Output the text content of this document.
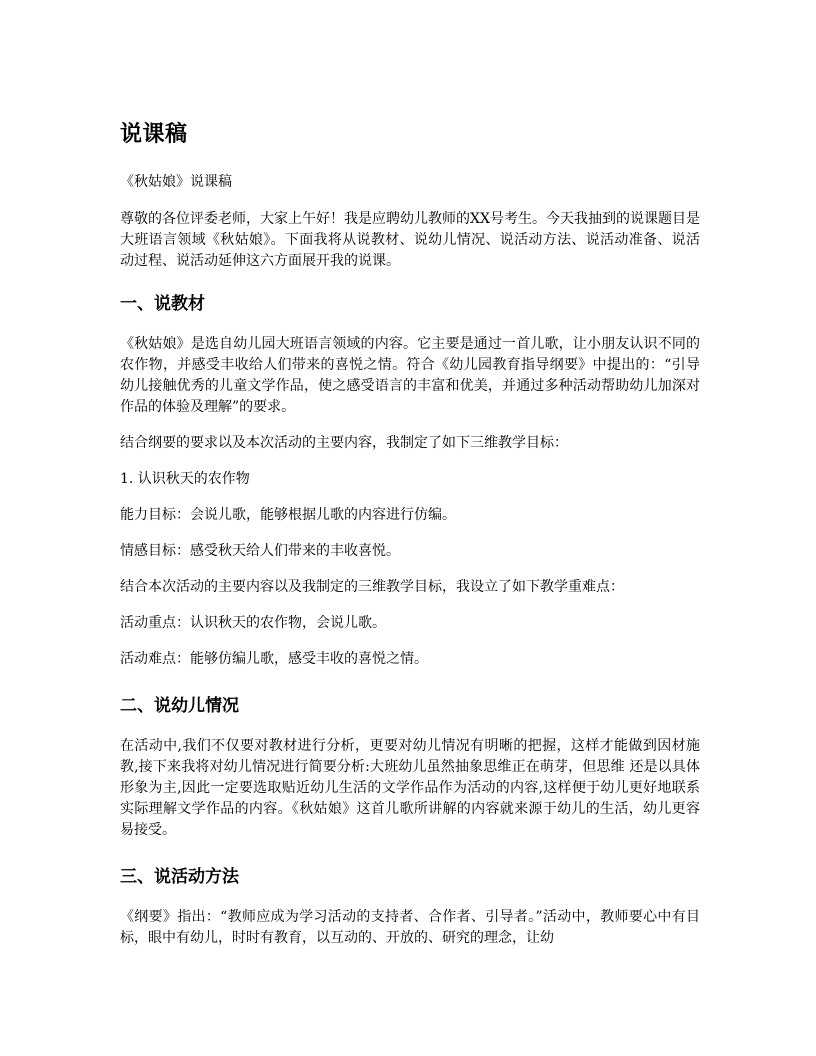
说课稿

《秋姑娘》说课稿

尊敬的各位评委老师，大家上午好！我是应聘幼儿教师的XX号考生。今天我抽到的说课题目是大班语言领域《秋姑娘》。下面我将从说教材、说幼儿情况、说活动方法、说活动准备、说活动过程、说活动延伸这六方面展开我的说课。

一、说教材

《秋姑娘》是选自幼儿园大班语言领域的内容。它主要是通过一首儿歌，让小朋友认识不同的农作物，并感受丰收给人们带来的喜悦之情。符合《幼儿园教育指导纲要》中提出的：“引导幼儿接触优秀的儿童文学作品，使之感受语言的丰富和优美，并通过多种活动帮助幼儿加深对作品的体验及理解”的要求。

结合纲要的要求以及本次活动的主要内容，我制定了如下三维教学目标：

1. 认识秋天的农作物

能力目标：会说儿歌，能够根据儿歌的内容进行仿编。

情感目标：感受秋天给人们带来的丰收喜悦。

结合本次活动的主要内容以及我制定的三维教学目标，我设立了如下教学重难点：

活动重点：认识秋天的农作物，会说儿歌。

活动难点：能够仿编儿歌，感受丰收的喜悦之情。

二、说幼儿情况

在活动中,我们不仅要对教材进行分析，更要对幼儿情况有明晰的把握，这样才能做到因材施教,接下来我将对幼儿情况进行简要分析:大班幼儿虽然抽象思维正在萌芽，但思维 还是以具体形象为主,因此一定要选取贴近幼儿生活的文学作品作为活动的内容,这样便于幼儿更好地联系实际理解文学作品的内容。《秋姑娘》这首儿歌所讲解的内容就来源于幼儿的生活，幼儿更容易接受。

三、说活动方法

《纲要》指出：“教师应成为学习活动的支持者、合作者、引导者。”活动中，教师要心中有目标，眼中有幼儿，时时有教育，以互动的、开放的、研究的理念，让幼
